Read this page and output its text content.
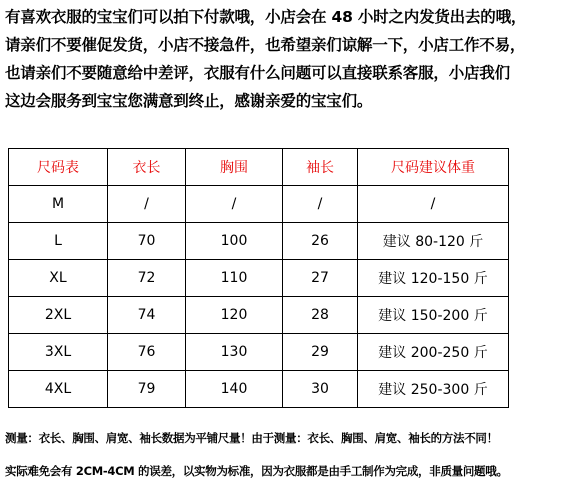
有喜欢衣服的宝宝们可以拍下付款哦，小店会在 48 小时之内发货出去的哦，

请亲们不要催促发货，小店不接急件，也希望亲们谅解一下，小店工作不易，

也请亲们不要随意给中差评，衣服有什么问题可以直接联系客服，小店我们

这边会服务到宝宝您满意到终止，感谢亲爱的宝宝们。

尺码表	衣长	胸围	袖长	尺码建议体重
M	/	/	/	/
L	70	100	26	建议 80-120 斤
XL	72	110	27	建议 120-150 斤
2XL	74	120	28	建议 150-200 斤
3XL	76	130	29	建议 200-250 斤
4XL	79	140	30	建议 250-300 斤

测量：衣长、胸围、肩宽、袖长数据为平铺尺量！由于测量：衣长、胸围、肩宽、袖长的方法不同！

实际难免会有 2CM-4CM 的误差，以实物为标准，因为衣服都是由手工制作为完成，非质量问题哦。
